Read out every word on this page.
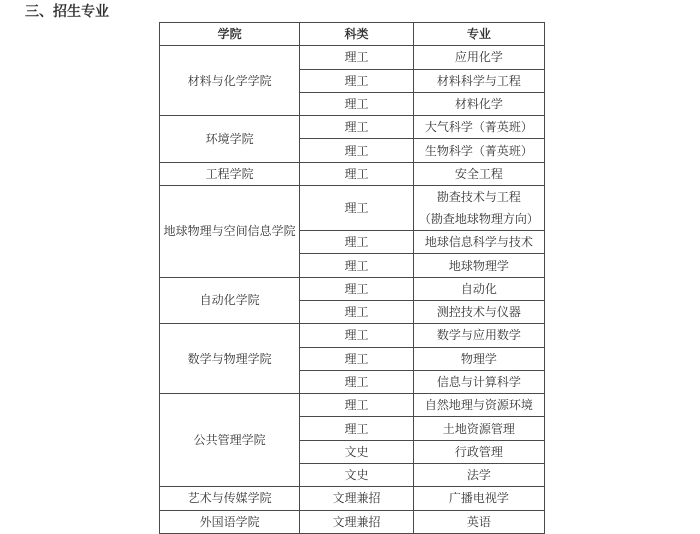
三、招生专业
学院	科类	专业
材料与化学学院	理工	应用化学

	理工	材料科学与工程

	理工	材料化学

环境学院	理工	大气科学（菁英班）

	理工	生物科学（菁英班）

工程学院	理工	安全工程

地球物理与空间信息学院	理工	勘查技术与工程
（勘查地球物理方向）

	理工	地球信息科学与技术

	理工	地球物理学

自动化学院	理工	自动化

	理工	测控技术与仪器

数学与物理学院	理工	数学与应用数学

	理工	物理学

	理工	信息与计算科学

公共管理学院	理工	自然地理与资源环境

	理工	土地资源管理

	文史	行政管理

	文史	法学

艺术与传媒学院	文理兼招	广播电视学

外国语学院	文理兼招	英语
